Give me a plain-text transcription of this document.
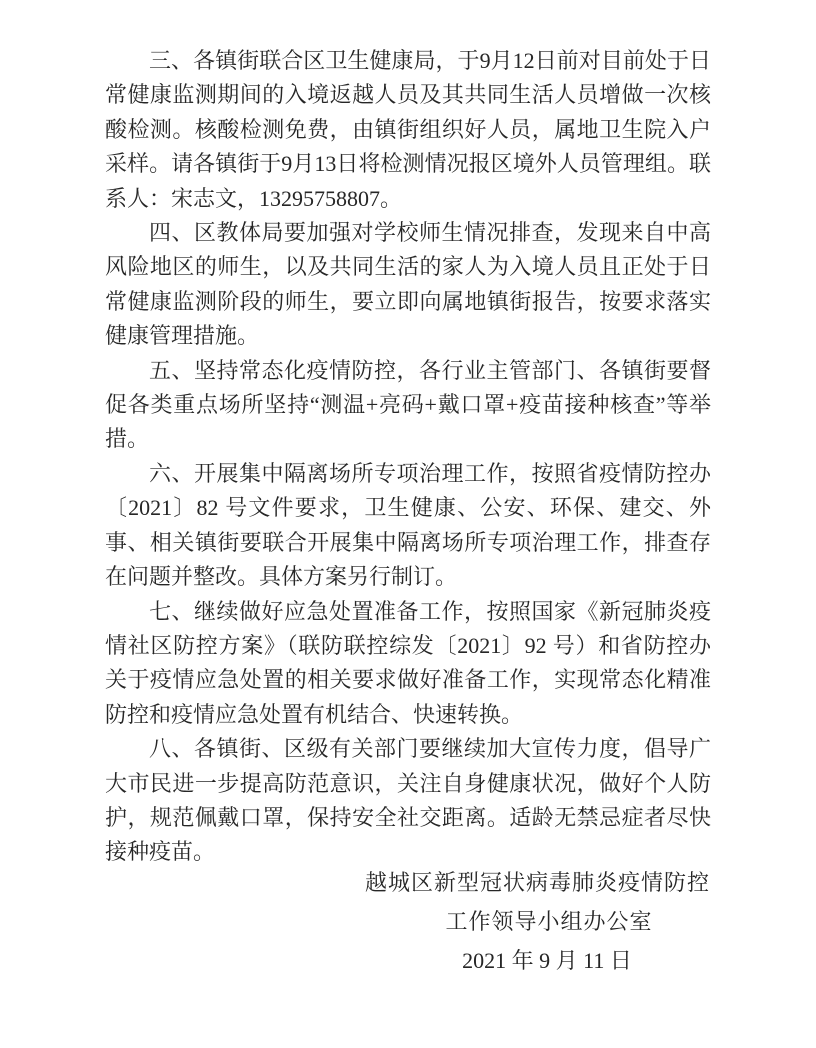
三、各镇街联合区卫生健康局，于9月12日前对目前处于日常健康监测期间的入境返越人员及其共同生活人员增做一次核酸检测。核酸检测免费，由镇街组织好人员，属地卫生院入户采样。请各镇街于9月13日将检测情况报区境外人员管理组。联系人：宋志文，13295758807。

四、区教体局要加强对学校师生情况排查，发现来自中高风险地区的师生，以及共同生活的家人为入境人员且正处于日常健康监测阶段的师生，要立即向属地镇街报告，按要求落实健康管理措施。

五、坚持常态化疫情防控，各行业主管部门、各镇街要督促各类重点场所坚持“测温+亮码+戴口罩+疫苗接种核查”等举措。

六、开展集中隔离场所专项治理工作，按照省疫情防控办〔2021〕82 号文件要求，卫生健康、公安、环保、建交、外事、相关镇街要联合开展集中隔离场所专项治理工作，排查存在问题并整改。具体方案另行制订。

七、继续做好应急处置准备工作，按照国家《新冠肺炎疫情社区防控方案》（联防联控综发〔2021〕92 号）和省防控办关于疫情应急处置的相关要求做好准备工作，实现常态化精准防控和疫情应急处置有机结合、快速转换。

八、各镇街、区级有关部门要继续加大宣传力度，倡导广大市民进一步提高防范意识，关注自身健康状况，做好个人防护，规范佩戴口罩，保持安全社交距离。适龄无禁忌症者尽快接种疫苗。

越城区新型冠状病毒肺炎疫情防控
工作领导小组办公室
2021 年 9 月 11 日
